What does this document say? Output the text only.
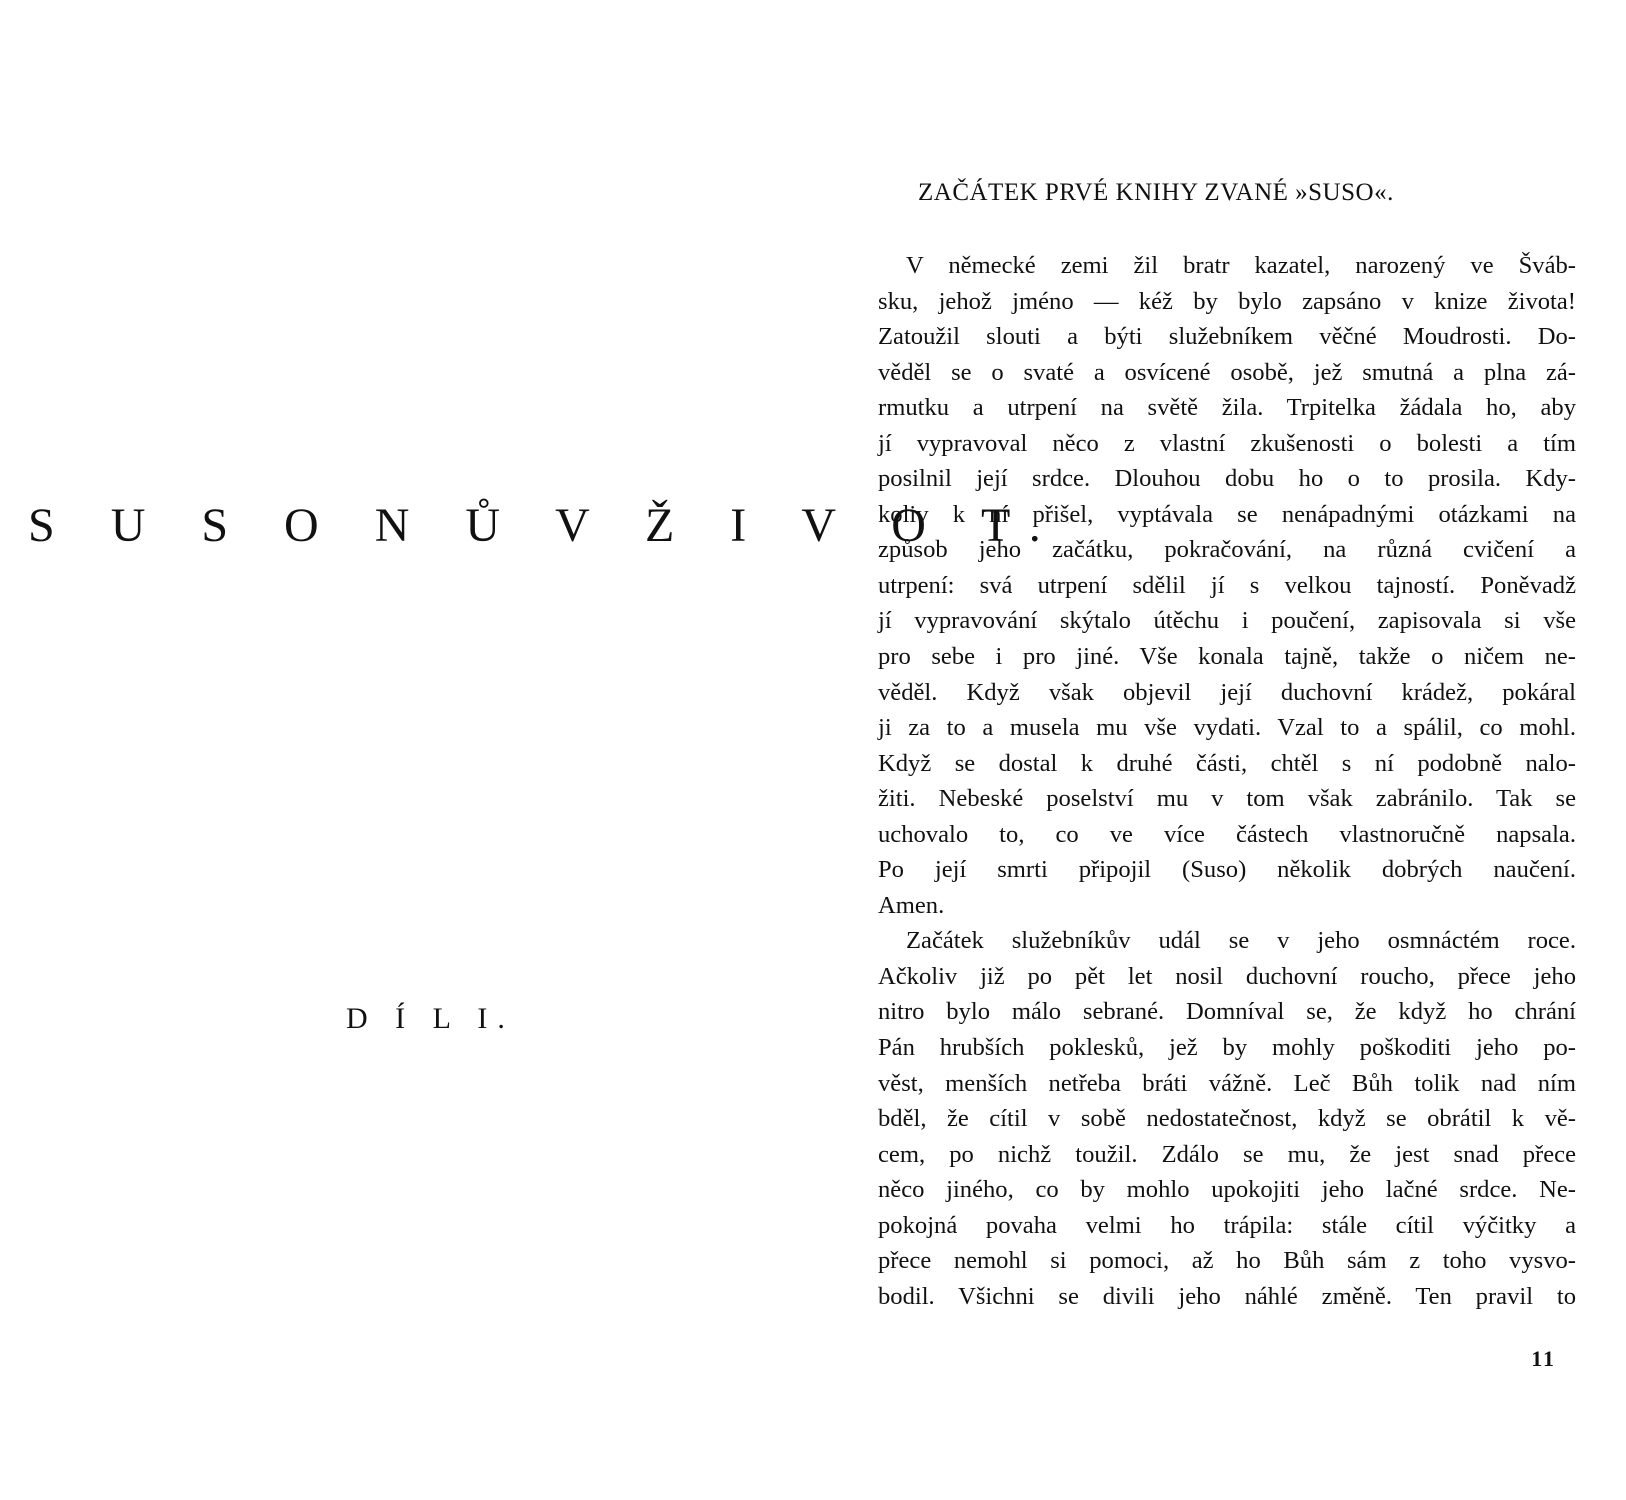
S U S O N Ů V Ž I V O T.
D Í L I.
ZAČÁTEK PRVÉ KNIHY ZVANÉ »SUSO«.
V německé zemi žil bratr kazatel, narozený ve Šváb-
sku, jehož jméno — kéž by bylo zapsáno v knize života!
Zatoužil slouti a býti služebníkem věčné Moudrosti. Do-
věděl se o svaté a osvícené osobě, jež smutná a plna zá-
rmutku a utrpení na světě žila. Trpitelka žádala ho, aby
jí vypravoval něco z vlastní zkušenosti o bolesti a tím
posilnil její srdce. Dlouhou dobu ho o to prosila. Kdy-
koliv k ní přišel, vyptávala se nenápadnými otázkami na
způsob jeho začátku, pokračování, na různá cvičení a
utrpení: svá utrpení sdělil jí s velkou tajností. Poněvadž
jí vypravování skýtalo útěchu i poučení, zapisovala si vše
pro sebe i pro jiné. Vše konala tajně, takže o ničem ne-
věděl. Když však objevil její duchovní krádež, pokáral
ji za to a musela mu vše vydati. Vzal to a spálil, co mohl.
Když se dostal k druhé části, chtěl s ní podobně nalo-
žiti. Nebeské poselství mu v tom však zabránilo. Tak se
uchovalo to, co ve více částech vlastnoručně napsala.
Po její smrti připojil (Suso) několik dobrých naučení.
Amen.
Začátek služebníkův udál se v jeho osmnáctém roce.
Ačkoliv již po pět let nosil duchovní roucho, přece jeho
nitro bylo málo sebrané. Domníval se, že když ho chrání
Pán hrubších poklesků, jež by mohly poškoditi jeho po-
věst, menších netřeba bráti vážně. Leč Bůh tolik nad ním
bděl, že cítil v sobě nedostatečnost, když se obrátil k vě-
cem, po nichž toužil. Zdálo se mu, že jest snad přece
něco jiného, co by mohlo upokojiti jeho lačné srdce. Ne-
pokojná povaha velmi ho trápila: stále cítil výčitky a
přece nemohl si pomoci, až ho Bůh sám z toho vysvo-
bodil. Všichni se divili jeho náhlé změně. Ten pravil to

11
